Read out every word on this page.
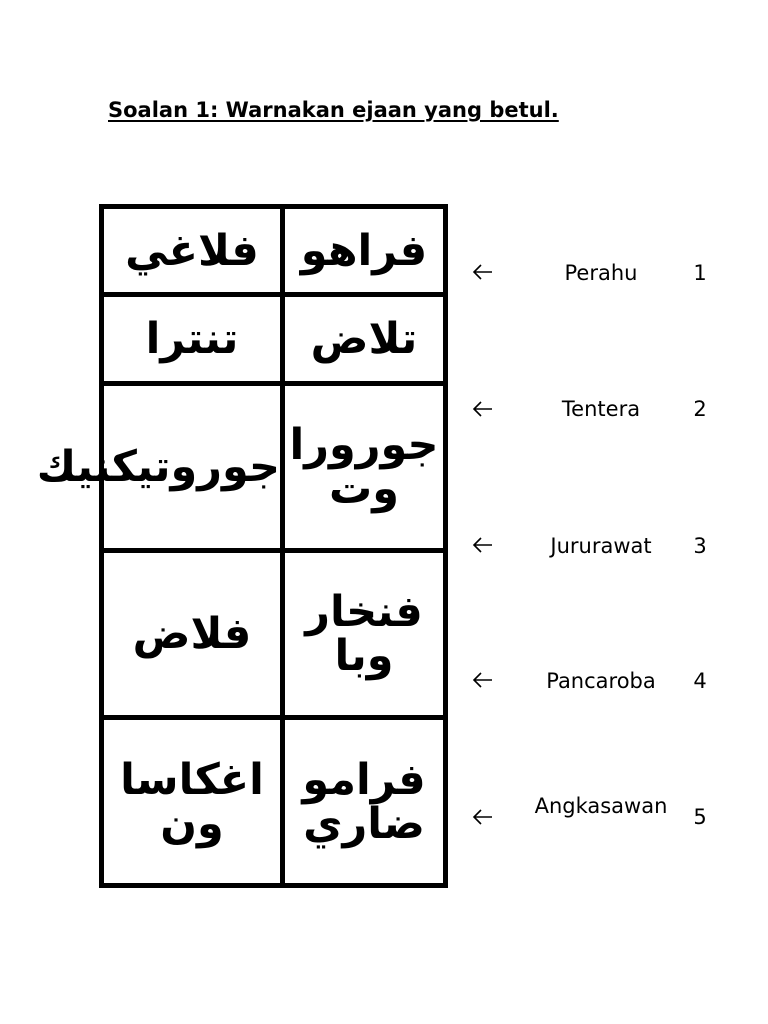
Soalan 1: Warnakan ejaan yang betul.
فلاغي	فراهو
تنترا	تلاض
جوروتيكنيك	جورورا وت
فلاض	فنخار وبا
اغكاسا ون	فرامو ضاري
Perahu	1
Tentera	2
Jururawat	3
Pancaroba	4
Angkasawan 5
